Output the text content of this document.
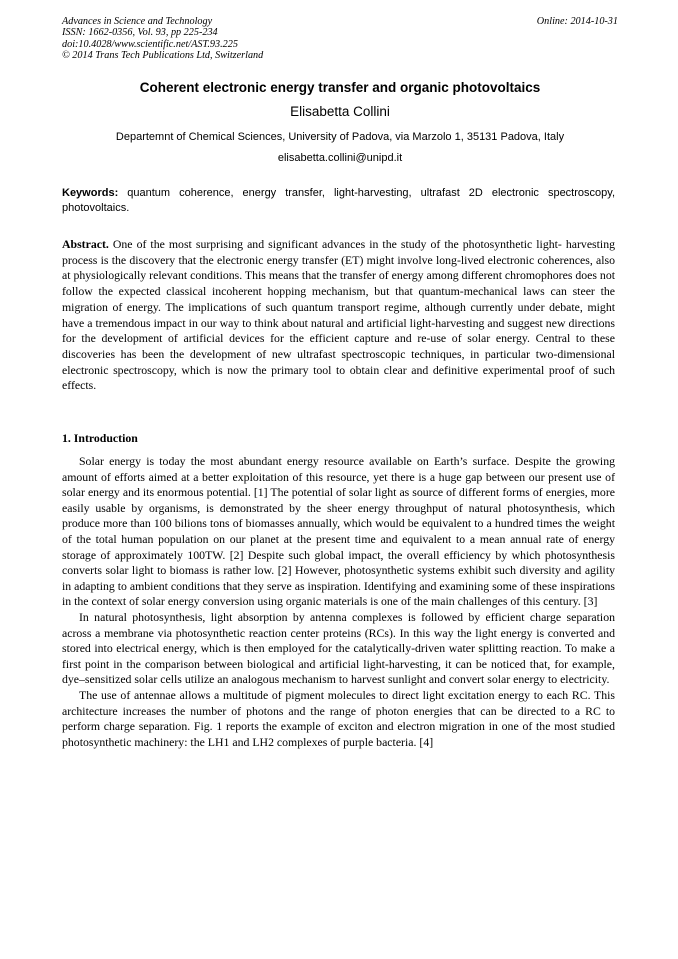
Advances in Science and Technology
ISSN: 1662-0356, Vol. 93, pp 225-234
doi:10.4028/www.scientific.net/AST.93.225
© 2014 Trans Tech Publications Ltd, Switzerland
Online: 2014-10-31
Coherent electronic energy transfer and organic photovoltaics
Elisabetta Collini
Departemnt of Chemical Sciences, University of Padova, via Marzolo 1, 35131 Padova, Italy
elisabetta.collini@unipd.it
Keywords: quantum coherence, energy transfer, light-harvesting, ultrafast 2D electronic spectroscopy, photovoltaics.
Abstract. One of the most surprising and significant advances in the study of the photosynthetic light- harvesting process is the discovery that the electronic energy transfer (ET) might involve long-lived electronic coherences, also at physiologically relevant conditions. This means that the transfer of energy among different chromophores does not follow the expected classical incoherent hopping mechanism, but that quantum-mechanical laws can steer the migration of energy. The implications of such quantum transport regime, although currently under debate, might have a tremendous impact in our way to think about natural and artificial light-harvesting and suggest new directions for the development of artificial devices for the efficient capture and re-use of solar energy. Central to these discoveries has been the development of new ultrafast spectroscopic techniques, in particular two-dimensional electronic spectroscopy, which is now the primary tool to obtain clear and definitive experimental proof of such effects.
1. Introduction

Solar energy is today the most abundant energy resource available on Earth’s surface. Despite the growing amount of efforts aimed at a better exploitation of this resource, yet there is a huge gap between our present use of solar energy and its enormous potential. [1] The potential of solar light as source of different forms of energies, more easily usable by organisms, is demonstrated by the sheer energy throughput of natural photosynthesis, which produce more than 100 bilions tons of biomasses annually, which would be equivalent to a hundred times the weight of the total human population on our planet at the present time and equivalent to a mean annual rate of energy storage of approximately 100TW. [2] Despite such global impact, the overall efficiency by which photosynthesis converts solar light to biomass is rather low. [2] However, photosynthetic systems exhibit such diversity and agility in adapting to ambient conditions that they serve as inspiration. Identifying and examining some of these inspirations in the context of solar energy conversion using organic materials is one of the main challenges of this century. [3]

In natural photosynthesis, light absorption by antenna complexes is followed by efficient charge separation across a membrane via photosynthetic reaction center proteins (RCs). In this way the light energy is converted and stored into electrical energy, which is then employed for the catalytically-driven water splitting reaction. To make a first point in the comparison between biological and artificial light-harvesting, it can be noticed that, for example, dye–sensitized solar cells utilize an analogous mechanism to harvest sunlight and convert solar energy to electricity.

The use of antennae allows a multitude of pigment molecules to direct light excitation energy to each RC. This architecture increases the number of photons and the range of photon energies that can be directed to a RC to perform charge separation. Fig. 1 reports the example of exciton and electron migration in one of the most studied photosynthetic machinery: the LH1 and LH2 complexes of purple bacteria. [4]
